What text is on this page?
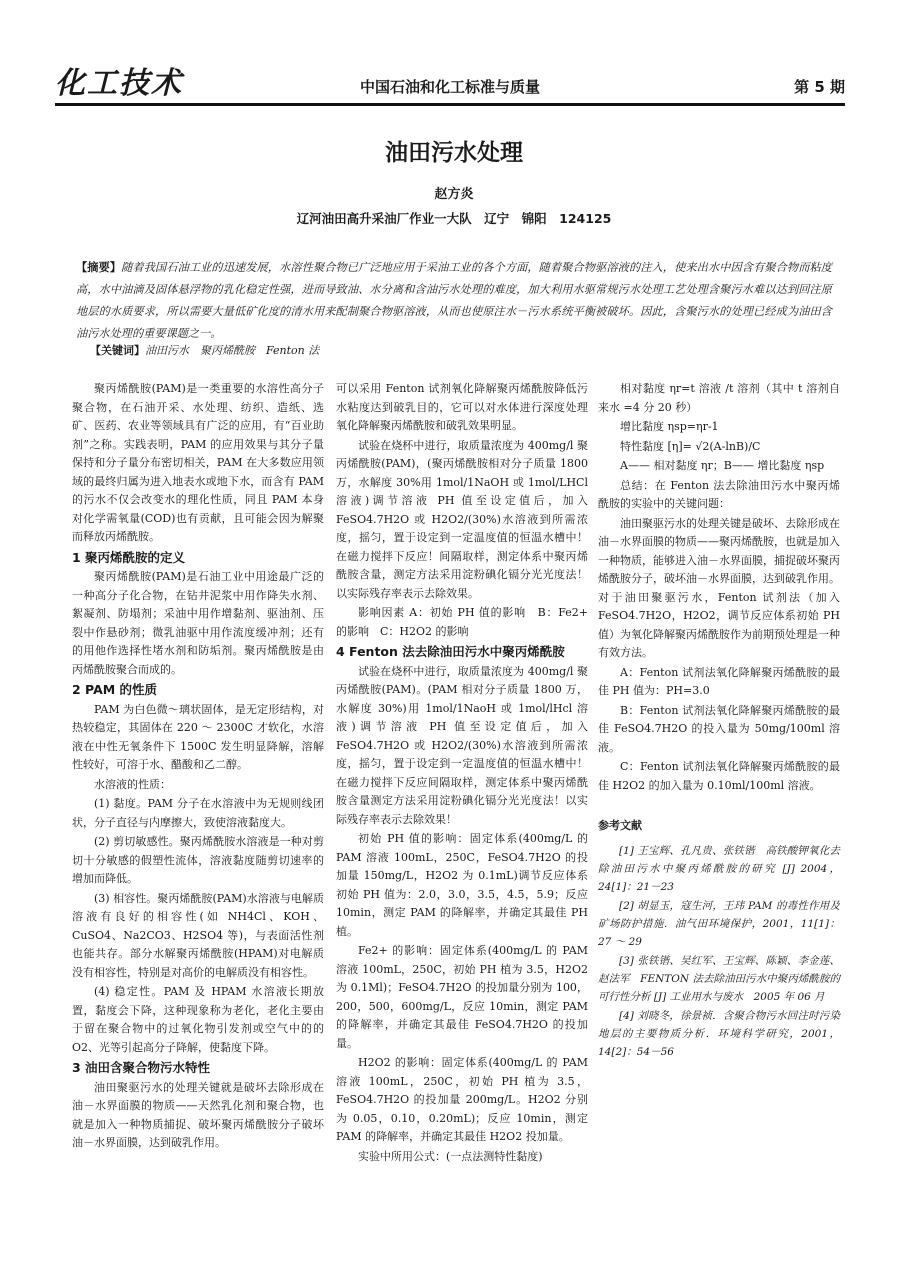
化工技术	中国石油和化工标准与质量	第 5 期
油田污水处理
赵方炎
辽河油田高升采油厂作业一大队　辽宁　锦阳　124125
【摘要】随着我国石油工业的迅速发展，水溶性聚合物已广泛地应用于采油工业的各个方面，随着聚合物驱溶液的注入，使来出水中因含有聚合物而粘度高，水中油滴及固体悬浮物的乳化稳定性强，进而导致油、水分离和含油污水处理的难度，加大利用水驱常规污水处理工艺处理含聚污水难以达到回注原地层的水质要求，所以需要大量低矿化度的清水用来配制聚合物驱溶液，从而也使原注水－污水系统平衡被破坏。因此，含聚污水的处理已经成为油田含油污水处理的重要课题之一。
【关键词】油田污水　聚丙烯酰胺　Fenton 法

聚丙烯酰胺(PAM)是一类重要的水溶性高分子聚合物，在石油开采、水处理、纺织、造纸、选矿、医药、农业等领域具有广泛的应用，有“百业助剂”之称。实践表明，PAM 的应用效果与其分子量保持和分子量分布密切相关，PAM 在大多数应用领域的最终归属为进入地表水或地下水，而含有 PAM 的污水不仅会改变水的理化性质，同且 PAM 本身对化学需氧量(COD)也有贡献，且可能会因为解聚而释放丙烯酰胺。

1 聚丙烯酰胺的定义

聚丙烯酰胺(PAM)是石油工业中用途最广泛的一种高分子化合物，在钻井泥浆中用作降失水剂、絮凝剂、防塌剂；采油中用作增黏剂、驱油剂、压裂中作悬砂剂；微乳油驱中用作流度缓冲剂；还有的用他作选择性堵水剂和防垢剂。聚丙烯酰胺是由丙烯酰胺聚合而成的。

2 PAM 的性质

PAM 为白色微～璃状固体，是无定形结构，对热较稳定，其固体在 220 ～ 2300C 才软化，水溶液在中性无氧条件下 1500C 发生明显降解，溶解性较好，可溶于水、醋酸和乙二醇。

水溶液的性质：

(1) 黏度。PAM 分子在水溶液中为无规则线团状，分子直径与内摩擦大，致使溶液黏度大。

(2) 剪切敏感性。聚丙烯酰胺水溶液是一种对剪切十分敏感的假塑性流体，溶液黏度随剪切速率的增加而降低。

(3) 相容性。聚丙烯酰胺(PAM)水溶液与电解质溶液有良好的相容性(如 NH4Cl、KOH、CuSO4、Na2CO3、H2SO4 等)，与表面活性剂也能共存。部分水解聚丙烯酰胺(HPAM)对电解质没有相容性，特别是对高价的电解质没有相容性。

(4) 稳定性。PAM 及 HPAM 水溶液长期放置，黏度会下降，这种现象称为老化，老化主要由于留在聚合物中的过氧化物引发剂或空气中的的 O2、光等引起高分子降解，使黏度下降。

3 油田含聚合物污水特性

油田聚驱污水的处理关键就是破坏去除形成在油－水界面膜的物质——天然乳化剂和聚合物，也就是加入一种物质捕捉、破坏聚丙烯酰胺分子破坏油－水界面膜，达到破乳作用。

可以采用 Fenton 试剂氧化降解聚丙烯酰胺降低污水粘度达到破乳目的，它可以对水体进行深度处理氧化降解聚丙烯酰胺和破乳效果明显。

试验在烧杯中进行，取质量浓度为 400mg/l 聚丙烯酰胺(PAM)，(聚丙烯酰胺相对分子质量 1800 万，水解度 30%用 1mol/1NaOH 或 1mol/LHCl 溶液)调节溶液 PH 值至设定值后，加入 FeSO4.7H2O 或 H2O2/(30%)水溶液到所需浓度，摇匀，置于设定到一定温度值的恒温水槽中！在磁力搅拌下反应！间隔取样，测定体系中聚丙烯酰胺含量，测定方法采用淀粉碘化镉分光光度法！以实际残存率表示去除效果。

影响因素 A：初始 PH 值的影响　B：Fe2+ 的影响　C：H2O2 的影响

4 Fenton 法去除油田污水中聚丙烯酰胺

试验在烧杯中进行，取质量浓度为 400mg/l 聚丙烯酰胺(PAM)。(PAM 相对分子质量 1800 万，水解度 30%)用 1mol/1NaoH 或 1mol/lHcl 溶液)调节溶液 PH 值至设定值后，加入 FeSO4.7H2O 或 H2O2/(30%)水溶液到所需浓度，摇匀，置于设定到一定温度值的恒温水槽中！在磁力搅拌下反应间隔取样，测定体系中聚丙烯酰胺含量测定方法采用淀粉碘化镉分光光度法！以实际残存率表示去除效果！

初始 PH 值的影响：固定体系(400mg/L 的 PAM 溶液 100mL，250C，FeSO4.7H2O 的投加量 150mg/L，H2O2 为 0.1mL)调节反应体系初始 PH 值为：2.0，3.0，3.5，4.5，5.9；反应 10min，测定 PAM 的降解率，并确定其最佳 PH 植。

Fe2+ 的影响：固定体系(400mg/L 的 PAM 溶液 100mL，250C，初始 PH 植为 3.5，H2O2 为 0.1Ml)；FeSO4.7H2O 的投加量分别为 100，200，500，600mg/L，反应 10min，测定 PAM 的降解率，并确定其最佳 FeSO4.7H2O 的投加量。

H2O2 的影响：固定体系(400mg/L 的 PAM 溶液 100mL，250C，初始 PH 植为 3.5，FeSO4.7H2O 的投加量 200mg/L。H2O2 分别为 0.05，0.10，0.20mL)；反应 10min，测定 PAM 的降解率，并确定其最佳 H2O2 投加量。

实验中所用公式：(一点法测特性黏度)

相对黏度 ηr=t 溶液 /t 溶剂（其中 t 溶剂自来水 =4 分 20 秒）

增比黏度 ηsp=ηr-1

特性黏度 [η]= √2(A-lnB)/C

A—— 相对黏度 ηr；B—— 增比黏度 ηsp

总结：在 Fenton 法去除油田污水中聚丙烯酰胺的实验中的关键问题：

油田聚驱污水的处理关键是破坏、去除形成在油－水界面膜的物质——聚丙烯酰胺，也就是加入一种物质，能够进入油－水界面膜，捕捉破坏聚丙烯酰胺分子，破坏油－水界面膜，达到破乳作用。对于油田聚驱污水，Fenton 试剂法（加入 FeSO4.7H2O，H2O2，调节反应体系初始 PH 值）为氧化降解聚丙烯酰胺作为前期预处理是一种有效方法。

A：Fenton 试剂法氧化降解聚丙烯酰胺的最佳 PH 值为：PH=3.0

B：Fenton 试剂法氧化降解聚丙烯酰胺的最佳 FeSO4.7H2O 的投入量为 50mg/100ml 溶液。

C：Fenton 试剂法氧化降解聚丙烯酰胺的最佳 H2O2 的加入量为 0.10ml/100ml 溶液。

参考文献

[1] 王宝辉、孔凡贵、张铁锴　高铁酸钾氧化去除油田污水中聚丙烯酰胺的研究 [J] 2004，24[1]：21－23

[2] 胡显玉，寇生河，王玮 PAM 的毒性作用及矿场防护措施．油气田环境保护，2001，11[1]：27 ～ 29

[3] 张铁锴、吴红军、王宝辉、陈颖、李金莲、赵法军　FENTON 法去除油田污水中聚丙烯酰胺的可行性分析 [J] 工业用水与废水　2005 年 06 月

[4] 刘晓冬，徐景祯．含聚合物污水回注时污染地层的主要物质分析．环境科学研究，2001，14[2]：54－56
